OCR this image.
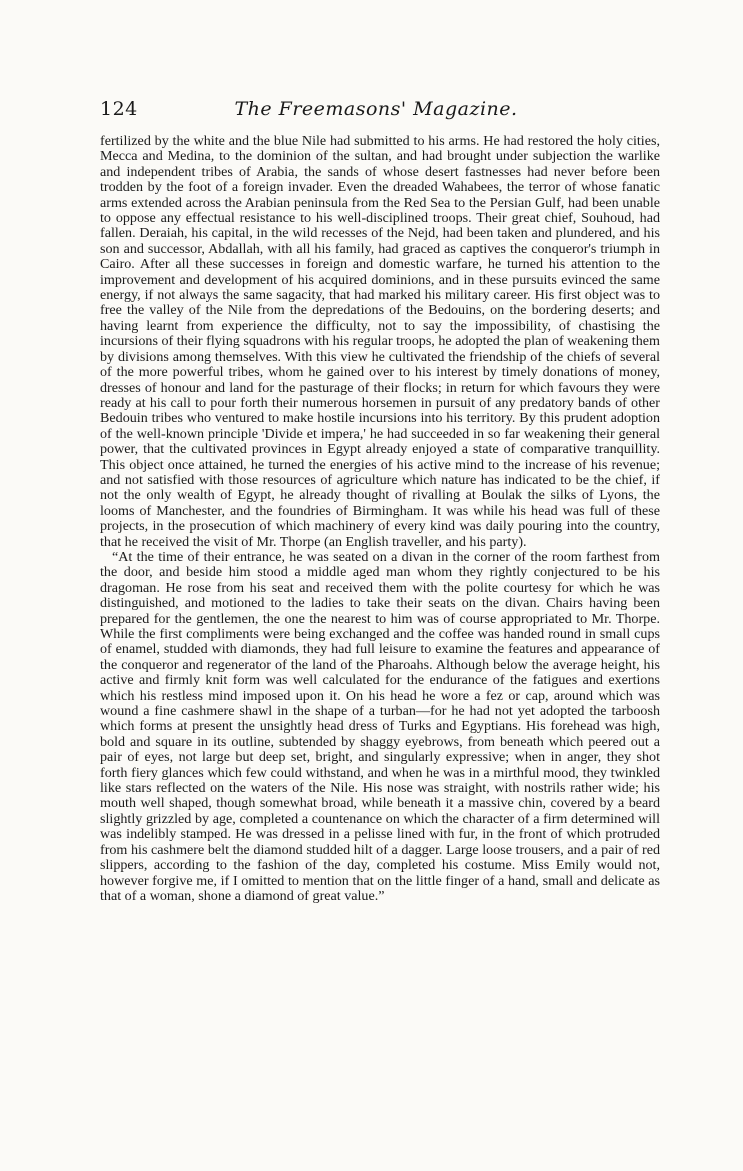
124	The Freemasons' Magazine.

fertilized by the white and the blue Nile had submitted to his arms. He had restored the holy cities, Mecca and Medina, to the dominion of the sultan, and had brought under subjection the warlike and independent tribes of Arabia, the sands of whose desert fastnesses had never before been trodden by the foot of a foreign invader. Even the dreaded Wahabees, the terror of whose fanatic arms extended across the Arabian peninsula from the Red Sea to the Persian Gulf, had been unable to oppose any effectual resistance to his well-disciplined troops. Their great chief, Souhoud, had fallen. Deraiah, his capital, in the wild recesses of the Nejd, had been taken and plundered, and his son and successor, Abdallah, with all his family, had graced as captives the conqueror's triumph in Cairo. After all these successes in foreign and domestic warfare, he turned his attention to the improvement and development of his acquired dominions, and in these pursuits evinced the same energy, if not always the same sagacity, that had marked his military career. His first object was to free the valley of the Nile from the depredations of the Bedouins, on the bordering deserts; and having learnt from experience the difficulty, not to say the impossibility, of chastising the incursions of their flying squadrons with his regular troops, he adopted the plan of weakening them by divisions among themselves. With this view he cultivated the friendship of the chiefs of several of the more powerful tribes, whom he gained over to his interest by timely donations of money, dresses of honour and land for the pasturage of their flocks; in return for which favours they were ready at his call to pour forth their numerous horsemen in pursuit of any predatory bands of other Bedouin tribes who ventured to make hostile incursions into his territory. By this prudent adoption of the well-known principle 'Divide et impera,' he had succeeded in so far weakening their general power, that the cultivated provinces in Egypt already enjoyed a state of comparative tranquillity. This object once attained, he turned the energies of his active mind to the increase of his revenue; and not satisfied with those resources of agriculture which nature has indicated to be the chief, if not the only wealth of Egypt, he already thought of rivalling at Boulak the silks of Lyons, the looms of Manchester, and the foundries of Birmingham. It was while his head was full of these projects, in the prosecution of which machinery of every kind was daily pouring into the country, that he received the visit of Mr. Thorpe (an English traveller, and his party).

“At the time of their entrance, he was seated on a divan in the corner of the room farthest from the door, and beside him stood a middle aged man whom they rightly conjectured to be his dragoman. He rose from his seat and received them with the polite courtesy for which he was distinguished, and motioned to the ladies to take their seats on the divan. Chairs having been prepared for the gentlemen, the one the nearest to him was of course appropriated to Mr. Thorpe. While the first compliments were being exchanged and the coffee was handed round in small cups of enamel, studded with diamonds, they had full leisure to examine the features and appearance of the conqueror and regenerator of the land of the Pharoahs. Although below the average height, his active and firmly knit form was well calculated for the endurance of the fatigues and exertions which his restless mind imposed upon it. On his head he wore a fez or cap, around which was wound a fine cashmere shawl in the shape of a turban—for he had not yet adopted the tarboosh which forms at present the unsightly head dress of Turks and Egyptians. His forehead was high, bold and square in its outline, subtended by shaggy eyebrows, from beneath which peered out a pair of eyes, not large but deep set, bright, and singularly expressive; when in anger, they shot forth fiery glances which few could withstand, and when he was in a mirthful mood, they twinkled like stars reflected on the waters of the Nile. His nose was straight, with nostrils rather wide; his mouth well shaped, though somewhat broad, while beneath it a massive chin, covered by a beard slightly grizzled by age, completed a countenance on which the character of a firm determined will was indelibly stamped. He was dressed in a pelisse lined with fur, in the front of which protruded from his cashmere belt the diamond studded hilt of a dagger. Large loose trousers, and a pair of red slippers, according to the fashion of the day, completed his costume. Miss Emily would not, however forgive me, if I omitted to mention that on the little finger of a hand, small and delicate as that of a woman, shone a diamond of great value.”
